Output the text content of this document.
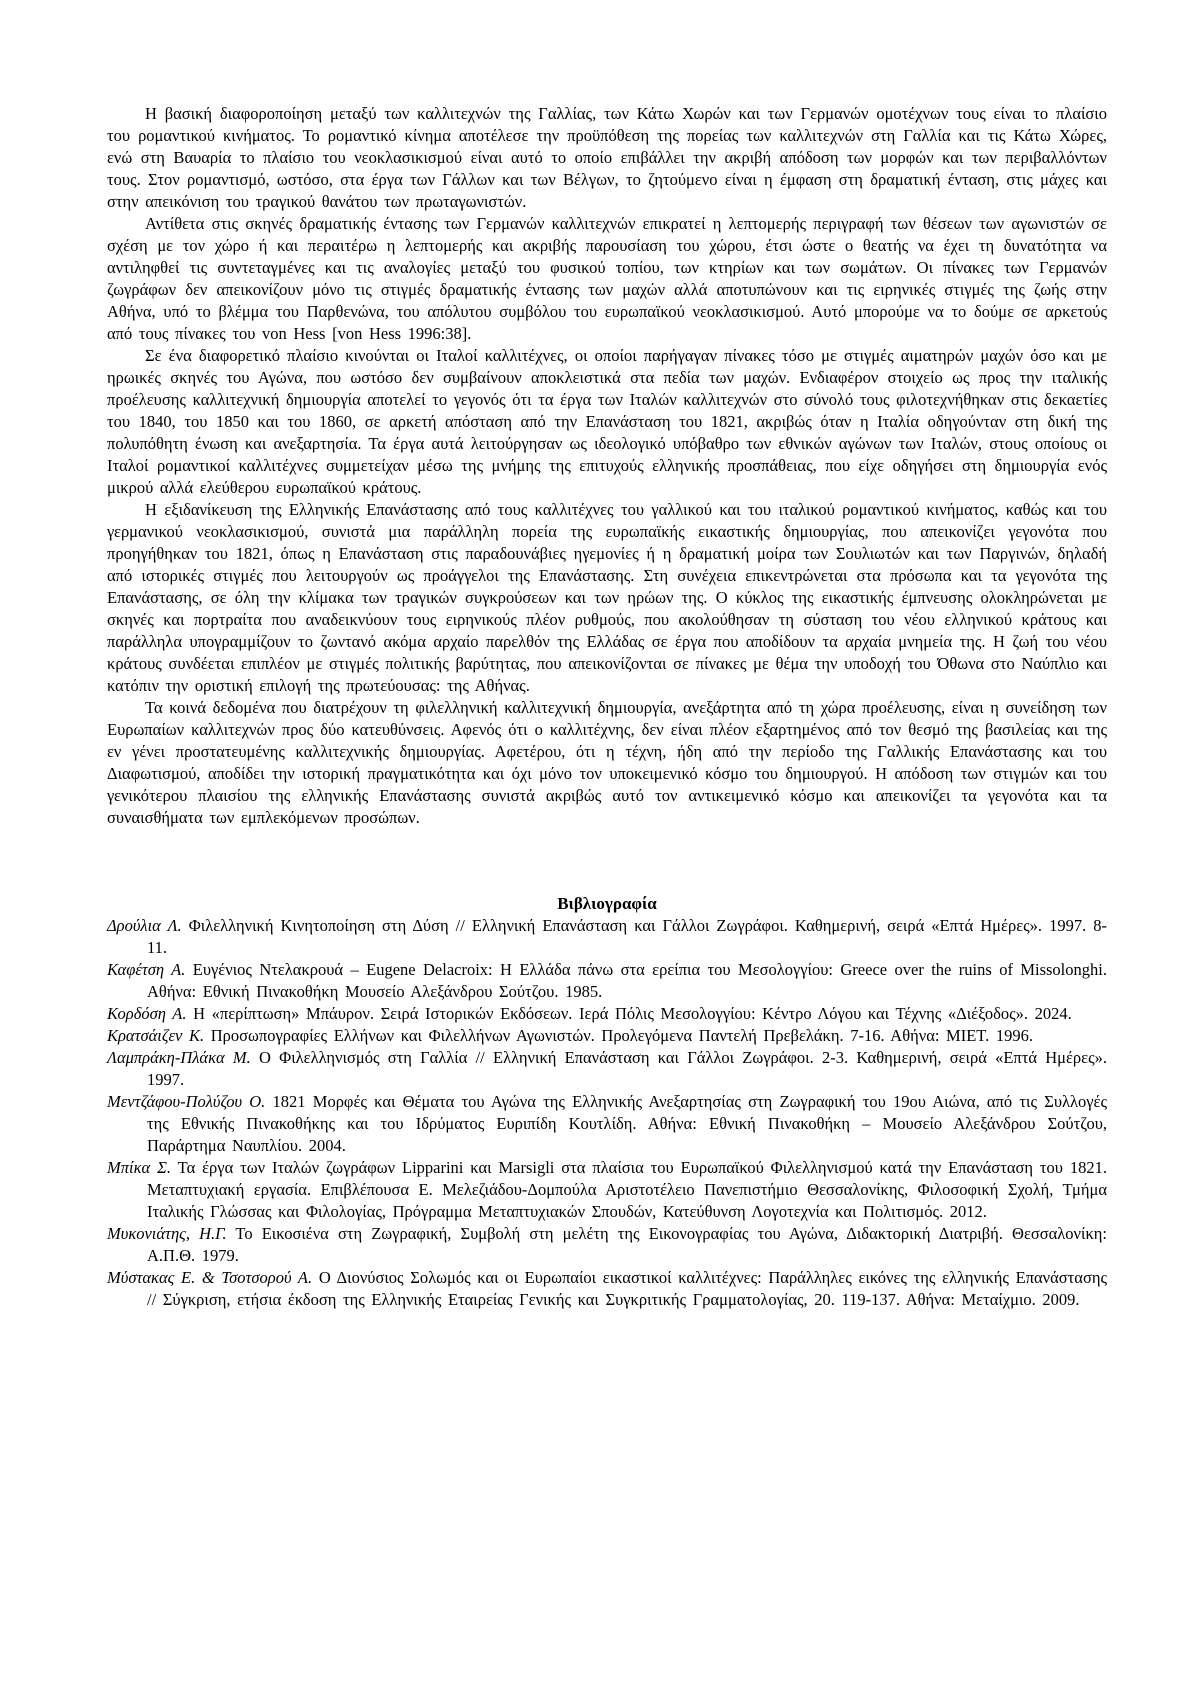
Η βασική διαφοροποίηση μεταξύ των καλλιτεχνών της Γαλλίας, των Κάτω Χωρών και των Γερμανών ομοτέχνων τους είναι το πλαίσιο του ρομαντικού κινήματος. Το ρομαντικό κίνημα αποτέλεσε την προϋπόθεση της πορείας των καλλιτεχνών στη Γαλλία και τις Κάτω Χώρες, ενώ στη Βαυαρία το πλαίσιο του νεοκλασικισμού είναι αυτό το οποίο επιβάλλει την ακριβή απόδοση των μορφών και των περιβαλλόντων τους. Στον ρομαντισμό, ωστόσο, στα έργα των Γάλλων και των Βέλγων, το ζητούμενο είναι η έμφαση στη δραματική ένταση, στις μάχες και στην απεικόνιση του τραγικού θανάτου των πρωταγωνιστών.

Αντίθετα στις σκηνές δραματικής έντασης των Γερμανών καλλιτεχνών επικρατεί η λεπτομερής περιγραφή των θέσεων των αγωνιστών σε σχέση με τον χώρο ή και περαιτέρω η λεπτομερής και ακριβής παρουσίαση του χώρου, έτσι ώστε ο θεατής να έχει τη δυνατότητα να αντιληφθεί τις συντεταγμένες και τις αναλογίες μεταξύ του φυσικού τοπίου, των κτηρίων και των σωμάτων. Οι πίνακες των Γερμανών ζωγράφων δεν απεικονίζουν μόνο τις στιγμές δραματικής έντασης των μαχών αλλά αποτυπώνουν και τις ειρηνικές στιγμές της ζωής στην Αθήνα, υπό το βλέμμα του Παρθενώνα, του απόλυτου συμβόλου του ευρωπαϊκού νεοκλασικισμού. Αυτό μπορούμε να το δούμε σε αρκετούς από τους πίνακες του von Hess [von Hess 1996:38].

Σε ένα διαφορετικό πλαίσιο κινούνται οι Ιταλοί καλλιτέχνες, οι οποίοι παρήγαγαν πίνακες τόσο με στιγμές αιματηρών μαχών όσο και με ηρωικές σκηνές του Αγώνα, που ωστόσο δεν συμβαίνουν αποκλειστικά στα πεδία των μαχών. Ενδιαφέρον στοιχείο ως προς την ιταλικής προέλευσης καλλιτεχνική δημιουργία αποτελεί το γεγονός ότι τα έργα των Ιταλών καλλιτεχνών στο σύνολό τους φιλοτεχνήθηκαν στις δεκαετίες του 1840, του 1850 και του 1860, σε αρκετή απόσταση από την Επανάσταση του 1821, ακριβώς όταν η Ιταλία οδηγούνταν στη δική της πολυπόθητη ένωση και ανεξαρτησία. Τα έργα αυτά λειτούργησαν ως ιδεολογικό υπόβαθρο των εθνικών αγώνων των Ιταλών, στους οποίους οι Ιταλοί ρομαντικοί καλλιτέχνες συμμετείχαν μέσω της μνήμης της επιτυχούς ελληνικής προσπάθειας, που είχε οδηγήσει στη δημιουργία ενός μικρού αλλά ελεύθερου ευρωπαϊκού κράτους.

Η εξιδανίκευση της Ελληνικής Επανάστασης από τους καλλιτέχνες του γαλλικού και του ιταλικού ρομαντικού κινήματος, καθώς και του γερμανικού νεοκλασικισμού, συνιστά μια παράλληλη πορεία της ευρωπαϊκής εικαστικής δημιουργίας, που απεικονίζει γεγονότα που προηγήθηκαν του 1821, όπως η Επανάσταση στις παραδουνάβιες ηγεμονίες ή η δραματική μοίρα των Σουλιωτών και των Παργινών, δηλαδή από ιστορικές στιγμές που λειτουργούν ως προάγγελοι της Επανάστασης. Στη συνέχεια επικεντρώνεται στα πρόσωπα και τα γεγονότα της Επανάστασης, σε όλη την κλίμακα των τραγικών συγκρούσεων και των ηρώων της. Ο κύκλος της εικαστικής έμπνευσης ολοκληρώνεται με σκηνές και πορτραίτα που αναδεικνύουν τους ειρηνικούς πλέον ρυθμούς, που ακολούθησαν τη σύσταση του νέου ελληνικού κράτους και παράλληλα υπογραμμίζουν το ζωντανό ακόμα αρχαίο παρελθόν της Ελλάδας σε έργα που αποδίδουν τα αρχαία μνημεία της. Η ζωή του νέου κράτους συνδέεται επιπλέον με στιγμές πολιτικής βαρύτητας, που απεικονίζονται σε πίνακες με θέμα την υποδοχή του Όθωνα στο Ναύπλιο και κατόπιν την οριστική επιλογή της πρωτεύουσας: της Αθήνας.

Τα κοινά δεδομένα που διατρέχουν τη φιλελληνική καλλιτεχνική δημιουργία, ανεξάρτητα από τη χώρα προέλευσης, είναι η συνείδηση των Ευρωπαίων καλλιτεχνών προς δύο κατευθύνσεις. Αφενός ότι ο καλλιτέχνης, δεν είναι πλέον εξαρτημένος από τον θεσμό της βασιλείας και της εν γένει προστατευμένης καλλιτεχνικής δημιουργίας. Αφετέρου, ότι η τέχνη, ήδη από την περίοδο της Γαλλικής Επανάστασης και του Διαφωτισμού, αποδίδει την ιστορική πραγματικότητα και όχι μόνο τον υποκειμενικό κόσμο του δημιουργού. Η απόδοση των στιγμών και του γενικότερου πλαισίου της ελληνικής Επανάστασης συνιστά ακριβώς αυτό τον αντικειμενικό κόσμο και απεικονίζει τα γεγονότα και τα συναισθήματα των εμπλεκόμενων προσώπων.

Βιβλιογραφία

Δρούλια Λ. Φιλελληνική Κινητοποίηση στη Δύση // Ελληνική Επανάσταση και Γάλλοι Ζωγράφοι. Καθημερινή, σειρά «Επτά Ημέρες». 1997. 8-11.

Καφέτση Α. Ευγένιος Ντελακρουά – Eugene Delacroix: Η Ελλάδα πάνω στα ερείπια του Μεσολογγίου: Greece over the ruins of Missolonghi. Αθήνα: Εθνική Πινακοθήκη Μουσείο Αλεξάνδρου Σούτζου. 1985.

Κορδόση Α. Η «περίπτωση» Μπάυρον. Σειρά Ιστορικών Εκδόσεων. Ιερά Πόλις Μεσολογγίου: Κέντρο Λόγου και Τέχνης «Διέξοδος». 2024.

Κρατσάιζεν Κ. Προσωπογραφίες Ελλήνων και Φιλελλήνων Αγωνιστών. Προλεγόμενα Παντελή Πρεβελάκη. 7-16. Αθήνα: ΜΙΕΤ. 1996.

Λαμπράκη-Πλάκα Μ. Ο Φιλελληνισμός στη Γαλλία // Ελληνική Επανάσταση και Γάλλοι Ζωγράφοι. 2-3. Καθημερινή, σειρά «Επτά Ημέρες». 1997.

Μεντζάφου-Πολύζου Ο. 1821 Μορφές και Θέματα του Αγώνα της Ελληνικής Ανεξαρτησίας στη Ζωγραφική του 19ου Αιώνα, από τις Συλλογές της Εθνικής Πινακοθήκης και του Ιδρύματος Ευριπίδη Κουτλίδη. Αθήνα: Εθνική Πινακοθήκη – Μουσείο Αλεξάνδρου Σούτζου, Παράρτημα Ναυπλίου. 2004.

Μπίκα Σ. Τα έργα των Ιταλών ζωγράφων Lipparini και Marsigli στα πλαίσια του Ευρωπαϊκού Φιλελληνισμού κατά την Επανάσταση του 1821. Μεταπτυχιακή εργασία. Επιβλέπουσα Ε. Μελεζιάδου-Δομπούλα Αριστοτέλειο Πανεπιστήμιο Θεσσαλονίκης, Φιλοσοφική Σχολή, Τμήμα Ιταλικής Γλώσσας και Φιλολογίας, Πρόγραμμα Μεταπτυχιακών Σπουδών, Κατεύθυνση Λογοτεχνία και Πολιτισμός. 2012.

Μυκονιάτης, Η.Γ. Το Εικοσιένα στη Ζωγραφική, Συμβολή στη μελέτη της Εικονογραφίας του Αγώνα, Διδακτορική Διατριβή. Θεσσαλονίκη: Α.Π.Θ. 1979.

Μύστακας Ε. & Τσοτσορού Α. Ο Διονύσιος Σολωμός και οι Ευρωπαίοι εικαστικοί καλλιτέχνες: Παράλληλες εικόνες της ελληνικής Επανάστασης // Σύγκριση, ετήσια έκδοση της Ελληνικής Εταιρείας Γενικής και Συγκριτικής Γραμματολογίας, 20. 119-137. Αθήνα: Μεταίχμιο. 2009.
